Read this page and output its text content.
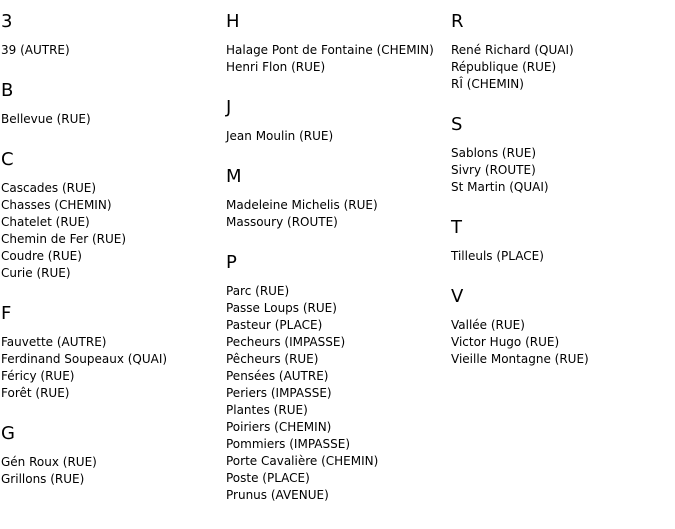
3
39 (AUTRE)
B
Bellevue (RUE)
C
Cascades (RUE)
Chasses (CHEMIN)
Chatelet (RUE)
Chemin de Fer (RUE)
Coudre (RUE)
Curie (RUE)
F
Fauvette (AUTRE)
Ferdinand Soupeaux (QUAI)
Féricy (RUE)
Forêt (RUE)
G
Gén Roux (RUE)
Grillons (RUE)
H
Halage Pont de Fontaine (CHEMIN)
Henri Flon (RUE)
J
Jean Moulin (RUE)
M
Madeleine Michelis (RUE)
Massoury (ROUTE)
P
Parc (RUE)
Passe Loups (RUE)
Pasteur (PLACE)
Pecheurs (IMPASSE)
Pêcheurs (RUE)
Pensées (AUTRE)
Periers (IMPASSE)
Plantes (RUE)
Poiriers (CHEMIN)
Pommiers (IMPASSE)
Porte Cavalière (CHEMIN)
Poste (PLACE)
Prunus (AVENUE)
R
René Richard (QUAI)
République (RUE)
RÎ (CHEMIN)
S
Sablons (RUE)
Sivry (ROUTE)
St Martin (QUAI)
T
Tilleuls (PLACE)
V
Vallée (RUE)
Victor Hugo (RUE)
Vieille Montagne (RUE)
